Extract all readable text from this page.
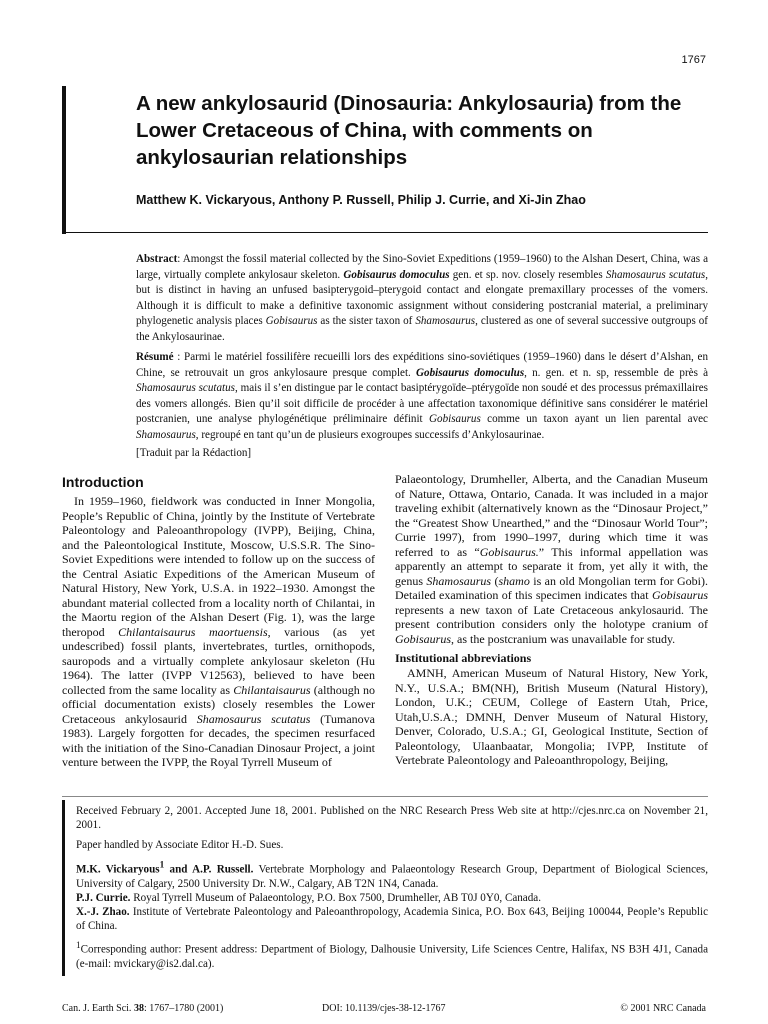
1767
A new ankylosaurid (Dinosauria: Ankylosauria) from the Lower Cretaceous of China, with comments on ankylosaurian relationships
Matthew K. Vickaryous, Anthony P. Russell, Philip J. Currie, and Xi-Jin Zhao
Abstract: Amongst the fossil material collected by the Sino-Soviet Expeditions (1959–1960) to the Alshan Desert, China, was a large, virtually complete ankylosaur skeleton. Gobisaurus domoculus gen. et sp. nov. closely resembles Shamosaurus scutatus, but is distinct in having an unfused basipterygoid–pterygoid contact and elongate premaxillary processes of the vomers. Although it is difficult to make a definitive taxonomic assignment without considering postcranial material, a preliminary phylogenetic analysis places Gobisaurus as the sister taxon of Shamosaurus, clustered as one of several successive outgroups of the Ankylosaurinae.
Résumé : Parmi le matériel fossilifère recueilli lors des expéditions sino-soviétiques (1959–1960) dans le désert d’Alshan, en Chine, se retrouvait un gros ankylosaure presque complet. Gobisaurus domoculus, n. gen. et n. sp, ressemble de près à Shamosaurus scutatus, mais il s’en distingue par le contact basiptérygoïde–ptérygoïde non soudé et des processus prémaxillaires des vomers allongés. Bien qu’il soit difficile de procéder à une affectation taxonomique définitive sans considérer le matériel postcranien, une analyse phylogénétique préliminaire définit Gobisaurus comme un taxon ayant un lien parental avec Shamosaurus, regroupé en tant qu’un de plusieurs exogroupes successifs d’Ankylosaurinae.
[Traduit par la Rédaction]
Introduction

In 1959–1960, fieldwork was conducted in Inner Mongolia, People’s Republic of China, jointly by the Institute of Vertebrate Paleontology and Paleoanthropology (IVPP), Beijing, China, and the Paleontological Institute, Moscow, U.S.S.R. The Sino-Soviet Expeditions were intended to follow up on the success of the Central Asiatic Expeditions of the American Museum of Natural History, New York, U.S.A. in 1922–1930. Amongst the abundant material collected from a locality north of Chilantai, in the Maortu region of the Alshan Desert (Fig. 1), was the large theropod Chilantaisaurus maortuensis, various (as yet undescribed) fossil plants, invertebrates, turtles, ornithopods, sauropods and a virtually complete ankylosaur skeleton (Hu 1964). The latter (IVPP V12563), believed to have been collected from the same locality as Chilantaisaurus (although no official documentation exists) closely resembles the Lower Cretaceous ankylosaurid Shamosaurus scutatus (Tumanova 1983). Largely forgotten for decades, the specimen resurfaced with the initiation of the Sino-Canadian Dinosaur Project, a joint venture between the IVPP, the Royal Tyrrell Museum of

Palaeontology, Drumheller, Alberta, and the Canadian Museum of Nature, Ottawa, Ontario, Canada. It was included in a major traveling exhibit (alternatively known as the “Dinosaur Project,” the “Greatest Show Unearthed,” and the “Dinosaur World Tour”; Currie 1997), from 1990–1997, during which time it was referred to as “Gobisaurus.” This informal appellation was apparently an attempt to separate it from, yet ally it with, the genus Shamosaurus (shamo is an old Mongolian term for Gobi). Detailed examination of this specimen indicates that Gobisaurus represents a new taxon of Late Cretaceous ankylosaurid. The present contribution considers only the holotype cranium of Gobisaurus, as the postcranium was unavailable for study.

Institutional abbreviations

AMNH, American Museum of Natural History, New York, N.Y., U.S.A.; BM(NH), British Museum (Natural History), London, U.K.; CEUM, College of Eastern Utah, Price, Utah,U.S.A.; DMNH, Denver Museum of Natural History, Denver, Colorado, U.S.A.; GI, Geological Institute, Section of Paleontology, Ulaanbaatar, Mongolia; IVPP, Institute of Vertebrate Paleontology and Paleoanthropology, Beijing,

Received February 2, 2001. Accepted June 18, 2001. Published on the NRC Research Press Web site at http://cjes.nrc.ca on November 21, 2001.

Paper handled by Associate Editor H.-D. Sues.

M.K. Vickaryous$^1$ and A.P. Russell. Vertebrate Morphology and Palaeontology Research Group, Department of Biological Sciences, University of Calgary, 2500 University Dr. N.W., Calgary, AB T2N 1N4, Canada.

P.J. Currie. Royal Tyrrell Museum of Palaeontology, P.O. Box 7500, Drumheller, AB T0J 0Y0, Canada.

X.-J. Zhao. Institute of Vertebrate Paleontology and Paleoanthropology, Academia Sinica, P.O. Box 643, Beijing 100044, People’s Republic of China.

$^1$Corresponding author: Present address: Department of Biology, Dalhousie University, Life Sciences Centre, Halifax, NS B3H 4J1, Canada (e-mail: mvickary@is2.dal.ca).

Can. J. Earth Sci. 38: 1767–1780 (2001)	DOI: 10.1139/cjes-38-12-1767	© 2001 NRC Canada
